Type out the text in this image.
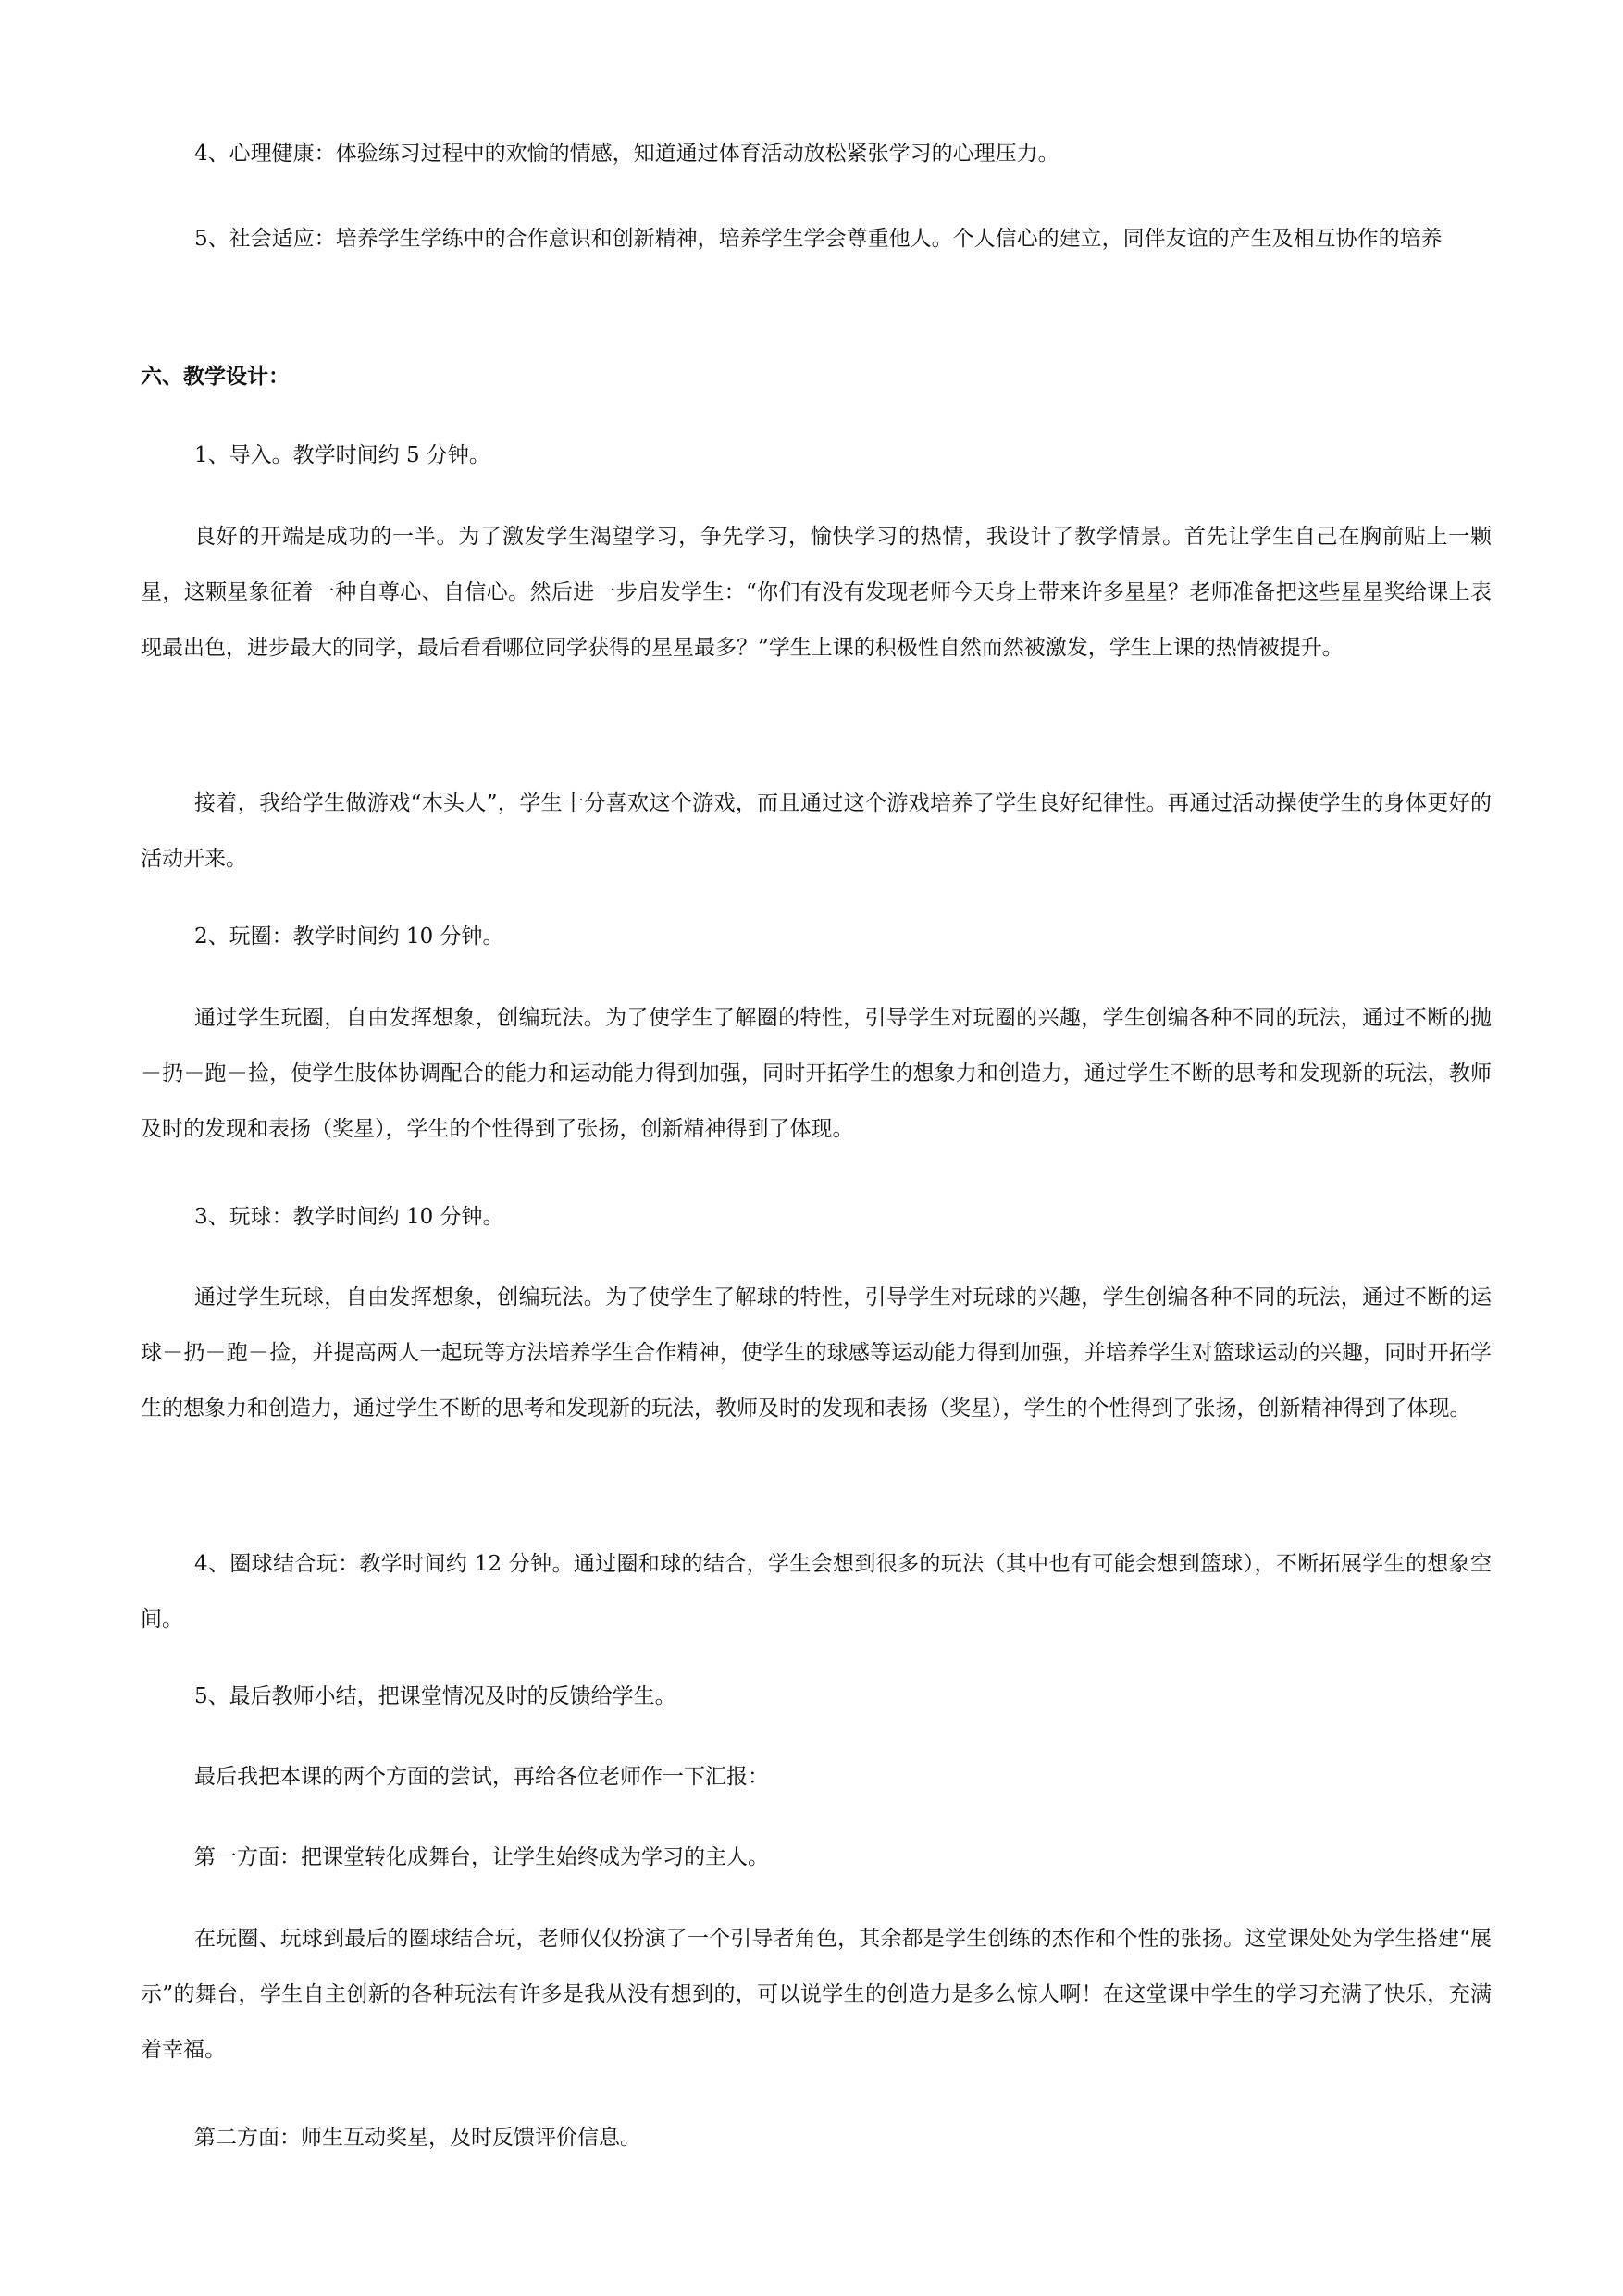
4、心理健康：体验练习过程中的欢愉的情感，知道通过体育活动放松紧张学习的心理压力。

5、社会适应：培养学生学练中的合作意识和创新精神，培养学生学会尊重他人。个人信心的建立，同伴友谊的产生及相互协作的培养

六、教学设计：

1、导入。教学时间约 5 分钟。

良好的开端是成功的一半。为了激发学生渴望学习，争先学习，愉快学习的热情，我设计了教学情景。首先让学生自己在胸前贴上一颗星，这颗星象征着一种自尊心、自信心。然后进一步启发学生：“你们有没有发现老师今天身上带来许多星星？老师准备把这些星星奖给课上表现最出色，进步最大的同学，最后看看哪位同学获得的星星最多？”学生上课的积极性自然而然被激发，学生上课的热情被提升。

接着，我给学生做游戏“木头人”，学生十分喜欢这个游戏，而且通过这个游戏培养了学生良好纪律性。再通过活动操使学生的身体更好的活动开来。

2、玩圈：教学时间约 10 分钟。

通过学生玩圈，自由发挥想象，创编玩法。为了使学生了解圈的特性，引导学生对玩圈的兴趣，学生创编各种不同的玩法，通过不断的抛－扔－跑－捡，使学生肢体协调配合的能力和运动能力得到加强，同时开拓学生的想象力和创造力，通过学生不断的思考和发现新的玩法，教师及时的发现和表扬（奖星），学生的个性得到了张扬，创新精神得到了体现。

3、玩球：教学时间约 10 分钟。

通过学生玩球，自由发挥想象，创编玩法。为了使学生了解球的特性，引导学生对玩球的兴趣，学生创编各种不同的玩法，通过不断的运球－扔－跑－捡，并提高两人一起玩等方法培养学生合作精神，使学生的球感等运动能力得到加强，并培养学生对篮球运动的兴趣，同时开拓学生的想象力和创造力，通过学生不断的思考和发现新的玩法，教师及时的发现和表扬（奖星），学生的个性得到了张扬，创新精神得到了体现。

4、圈球结合玩：教学时间约 12 分钟。通过圈和球的结合，学生会想到很多的玩法（其中也有可能会想到篮球），不断拓展学生的想象空间。

5、最后教师小结，把课堂情况及时的反馈给学生。

最后我把本课的两个方面的尝试，再给各位老师作一下汇报：

第一方面：把课堂转化成舞台，让学生始终成为学习的主人。

在玩圈、玩球到最后的圈球结合玩，老师仅仅扮演了一个引导者角色，其余都是学生创练的杰作和个性的张扬。这堂课处处为学生搭建“展示”的舞台，学生自主创新的各种玩法有许多是我从没有想到的，可以说学生的创造力是多么惊人啊！在这堂课中学生的学习充满了快乐，充满着幸福。

第二方面：师生互动奖星，及时反馈评价信息。
